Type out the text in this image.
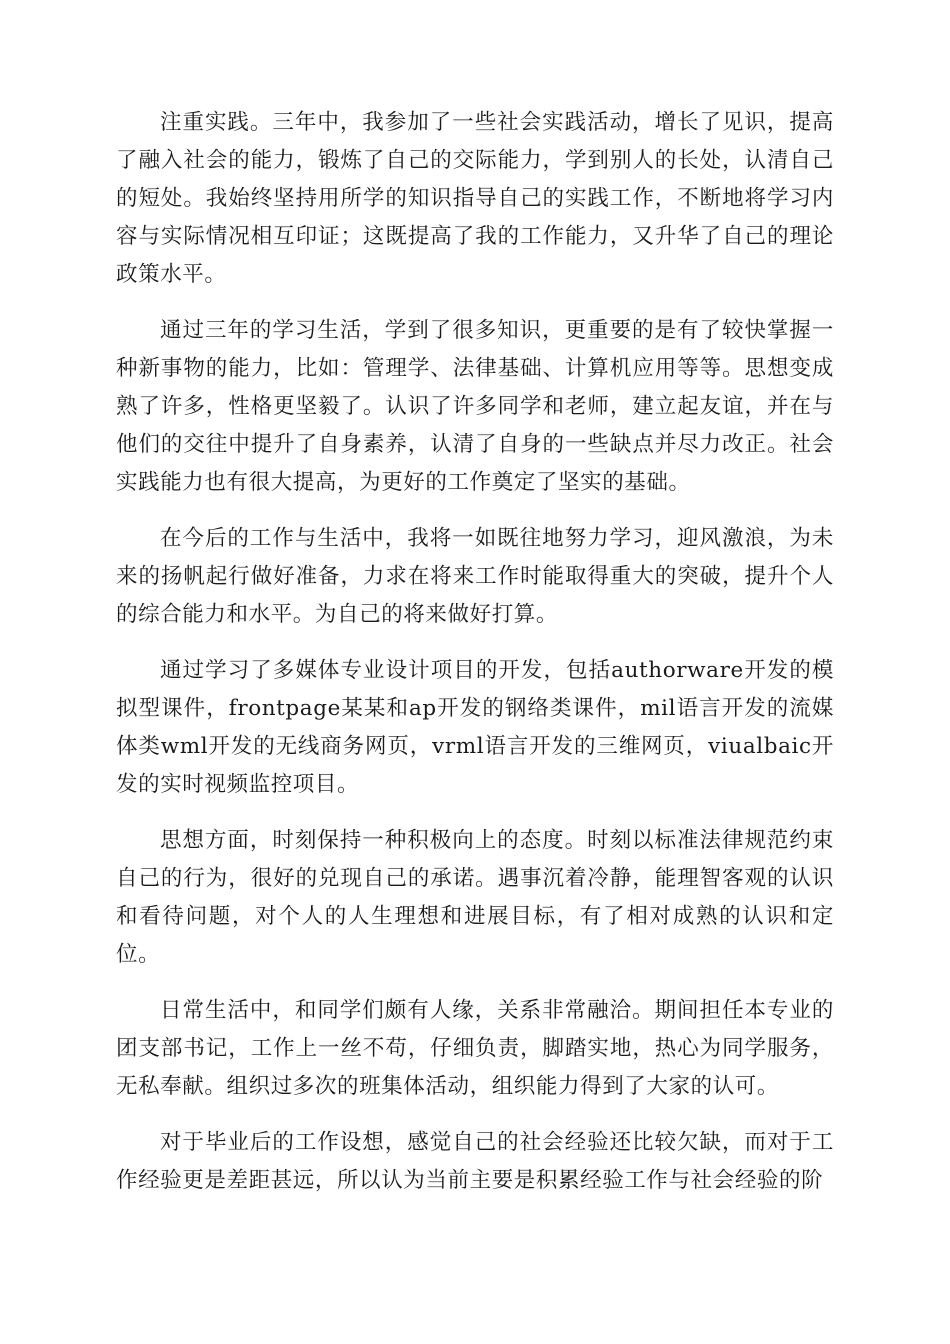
注重实践。三年中，我参加了一些社会实践活动，增长了见识，提高了融入社会的能力，锻炼了自己的交际能力，学到别人的长处，认清自己的短处。我始终坚持用所学的知识指导自己的实践工作，不断地将学习内容与实际情况相互印证；这既提高了我的工作能力，又升华了自己的理论政策水平。

通过三年的学习生活，学到了很多知识，更重要的是有了较快掌握一种新事物的能力，比如：管理学、法律基础、计算机应用等等。思想变成熟了许多，性格更坚毅了。认识了许多同学和老师，建立起友谊，并在与他们的交往中提升了自身素养，认清了自身的一些缺点并尽力改正。社会实践能力也有很大提高，为更好的工作奠定了坚实的基础。

在今后的工作与生活中，我将一如既往地努力学习，迎风激浪，为未来的扬帆起行做好准备，力求在将来工作时能取得重大的突破，提升个人的综合能力和水平。为自己的将来做好打算。

通过学习了多媒体专业设计项目的开发，包括authorware开发的模拟型课件，frontpage某某和ap开发的钢络类课件，mil语言开发的流媒体类wml开发的无线商务网页，vrml语言开发的三维网页，viualbaic开发的实时视频监控项目。

思想方面，时刻保持一种积极向上的态度。时刻以标准法律规范约束自己的行为，很好的兑现自己的承诺。遇事沉着冷静，能理智客观的认识和看待问题，对个人的人生理想和进展目标，有了相对成熟的认识和定位。

日常生活中，和同学们颇有人缘，关系非常融洽。期间担任本专业的团支部书记，工作上一丝不苟，仔细负责，脚踏实地，热心为同学服务，无私奉献。组织过多次的班集体活动，组织能力得到了大家的认可。

对于毕业后的工作设想，感觉自己的社会经验还比较欠缺，而对于工作经验更是差距甚远，所以认为当前主要是积累经验工作与社会经验的阶
